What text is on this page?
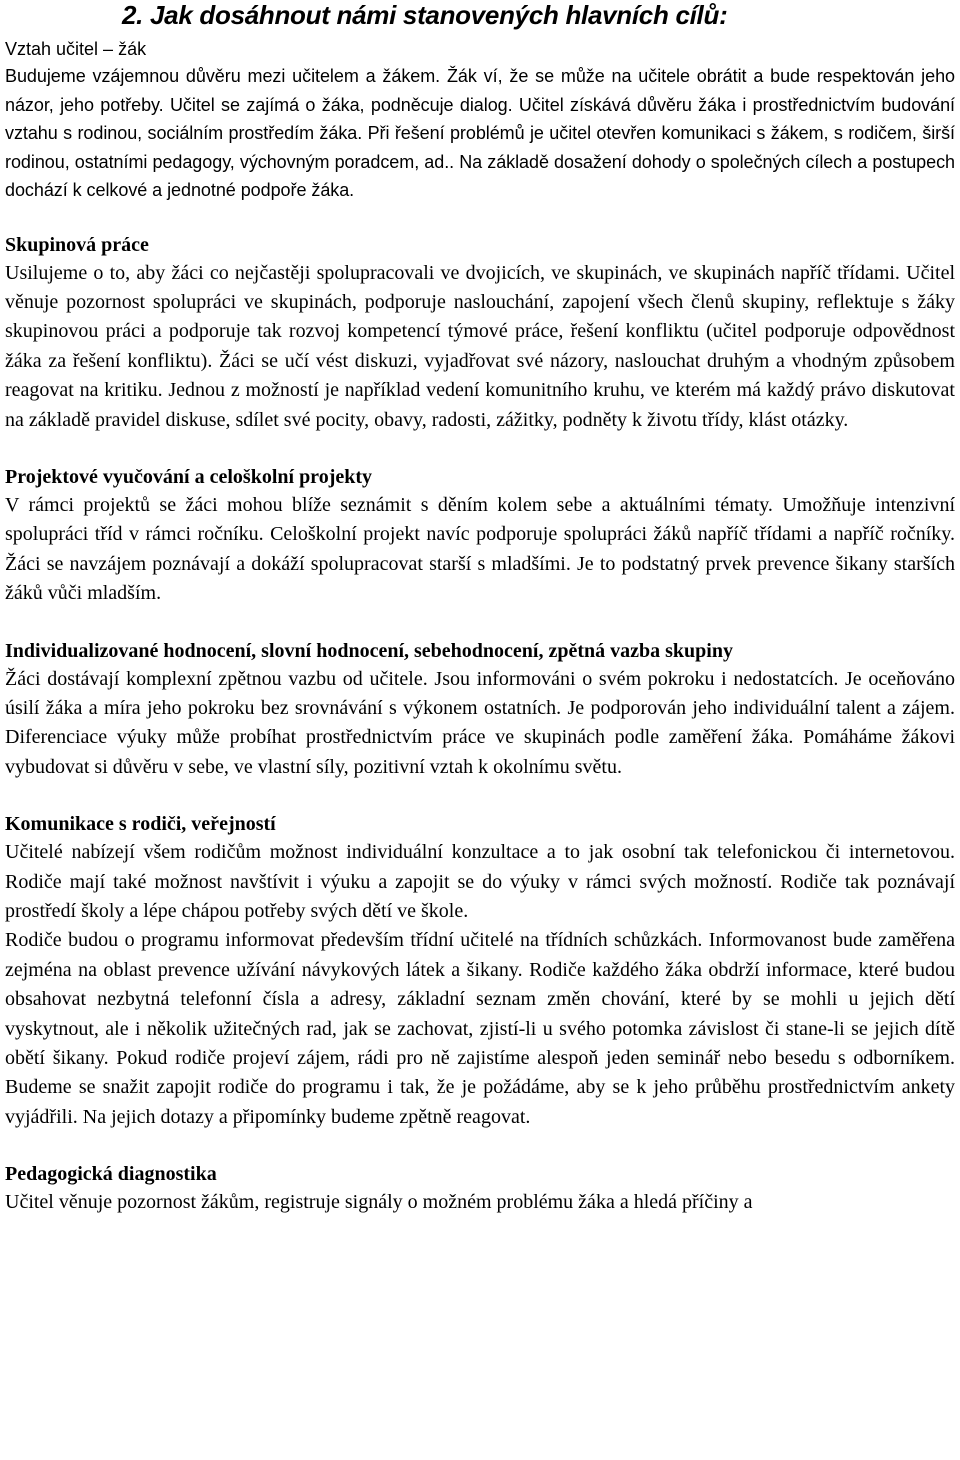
2. Jak dosáhnout námi stanovených hlavních cílů:
Vztah učitel – žák

Budujeme vzájemnou důvěru mezi učitelem a žákem. Žák ví, že se může na učitele obrátit a bude respektován jeho názor, jeho potřeby. Učitel se zajímá o žáka, podněcuje dialog. Učitel získává důvěru žáka i prostřednictvím budování vztahu s rodinou, sociálním prostředím žáka. Při řešení problémů je učitel otevřen komunikaci s žákem, s rodičem, širší rodinou, ostatními pedagogy, výchovným poradcem, ad.. Na základě dosažení dohody o společných cílech a postupech dochází k celkové a jednotné podpoře žáka.

Skupinová práce

Usilujeme o to, aby žáci co nejčastěji spolupracovali ve dvojicích, ve skupinách, ve skupinách napříč třídami. Učitel věnuje pozornost spolupráci ve skupinách, podporuje naslouchání, zapojení všech členů skupiny, reflektuje s žáky skupinovou práci a podporuje tak rozvoj kompetencí týmové práce, řešení konfliktu (učitel podporuje odpovědnost žáka za řešení konfliktu). Žáci se učí vést diskuzi, vyjadřovat své názory, naslouchat druhým a vhodným způsobem reagovat na kritiku. Jednou z možností je například vedení komunitního kruhu, ve kterém má každý právo diskutovat na základě pravidel diskuse, sdílet své pocity, obavy, radosti, zážitky, podněty k životu třídy, klást otázky.

Projektové vyučování a celoškolní projekty

V rámci projektů se žáci mohou blíže seznámit s děním kolem sebe a aktuálními tématy. Umožňuje intenzivní spolupráci tříd v rámci ročníku. Celoškolní projekt navíc podporuje spolupráci žáků napříč třídami a napříč ročníky. Žáci se navzájem poznávají a dokáží spolupracovat starší s mladšími. Je to podstatný prvek prevence šikany starších žáků vůči mladším.

Individualizované hodnocení, slovní hodnocení, sebehodnocení, zpětná vazba skupiny

Žáci dostávají komplexní zpětnou vazbu od učitele. Jsou informováni o svém pokroku i nedostatcích. Je oceňováno úsilí žáka a míra jeho pokroku bez srovnávání s výkonem ostatních. Je podporován jeho individuální talent a zájem. Diferenciace výuky může probíhat prostřednictvím práce ve skupinách podle zaměření žáka. Pomáháme žákovi vybudovat si důvěru v sebe, ve vlastní síly, pozitivní vztah k okolnímu světu.

Komunikace s rodiči, veřejností

Učitelé nabízejí všem rodičům možnost individuální konzultace a to jak osobní tak telefonickou či internetovou. Rodiče mají také možnost navštívit i výuku a zapojit se do výuky v rámci svých možností. Rodiče tak poznávají prostředí školy a lépe chápou potřeby svých dětí ve škole.

Rodiče budou o programu informovat především třídní učitelé na třídních schůzkách. Informovanost bude zaměřena zejména na oblast prevence užívání návykových látek a šikany. Rodiče každého žáka obdrží informace, které budou obsahovat nezbytná telefonní čísla a adresy, základní seznam změn chování, které by se mohli u jejich dětí vyskytnout, ale i několik užitečných rad, jak se zachovat, zjistí-li u svého potomka závislost či stane-li se jejich dítě obětí šikany. Pokud rodiče projeví zájem, rádi pro ně zajistíme alespoň jeden seminář nebo besedu s odborníkem. Budeme se snažit zapojit rodiče do programu i tak, že je požádáme, aby se k jeho průběhu prostřednictvím ankety vyjádřili. Na jejich dotazy a připomínky budeme zpětně reagovat.

Pedagogická diagnostika

Učitel věnuje pozornost žákům, registruje signály o možném problému žáka a hledá příčiny a
